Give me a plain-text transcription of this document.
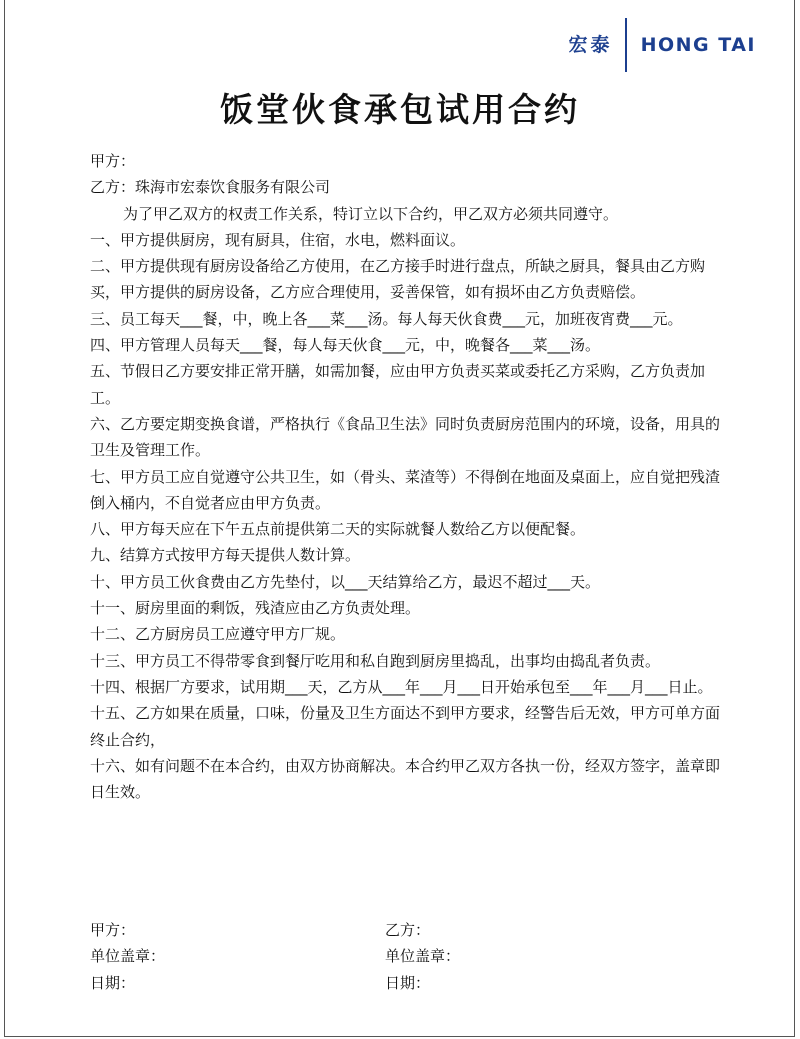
宏泰	HONG TAI
饭堂伙食承包试用合约

甲方：

乙方：珠海市宏泰饮食服务有限公司

为了甲乙双方的权责工作关系，特订立以下合约，甲乙双方必须共同遵守。

一、甲方提供厨房，现有厨具，住宿，水电，燃料面议。

二、甲方提供现有厨房设备给乙方使用，在乙方接手时进行盘点，所缺之厨具，餐具由乙方购买，甲方提供的厨房设备，乙方应合理使用，妥善保管，如有损坏由乙方负责赔偿。

三、员工每天___餐，中，晚上各___菜___汤。每人每天伙食费___元，加班夜宵费___元。

四、甲方管理人员每天___餐，每人每天伙食___元，中，晚餐各___菜___汤。

五、节假日乙方要安排正常开膳，如需加餐，应由甲方负责买菜或委托乙方采购，乙方负责加工。

六、乙方要定期变换食谱，严格执行《食品卫生法》同时负责厨房范围内的环境，设备，用具的卫生及管理工作。

七、甲方员工应自觉遵守公共卫生，如（骨头、菜渣等）不得倒在地面及桌面上，应自觉把残渣倒入桶内，不自觉者应由甲方负责。

八、甲方每天应在下午五点前提供第二天的实际就餐人数给乙方以便配餐。

九、结算方式按甲方每天提供人数计算。

十、甲方员工伙食费由乙方先垫付，以___天结算给乙方，最迟不超过___天。

十一、厨房里面的剩饭，残渣应由乙方负责处理。

十二、乙方厨房员工应遵守甲方厂规。

十三、甲方员工不得带零食到餐厅吃用和私自跑到厨房里捣乱，出事均由捣乱者负责。

十四、根据厂方要求，试用期___天，乙方从___年___月___日开始承包至___年___月___日止。

十五、乙方如果在质量，口味，份量及卫生方面达不到甲方要求，经警告后无效，甲方可单方面终止合约，

十六、如有问题不在本合约，由双方协商解决。本合约甲乙双方各执一份，经双方签字，盖章即日生效。

甲方：	乙方：
单位盖章：	单位盖章：
日期：	日期：
